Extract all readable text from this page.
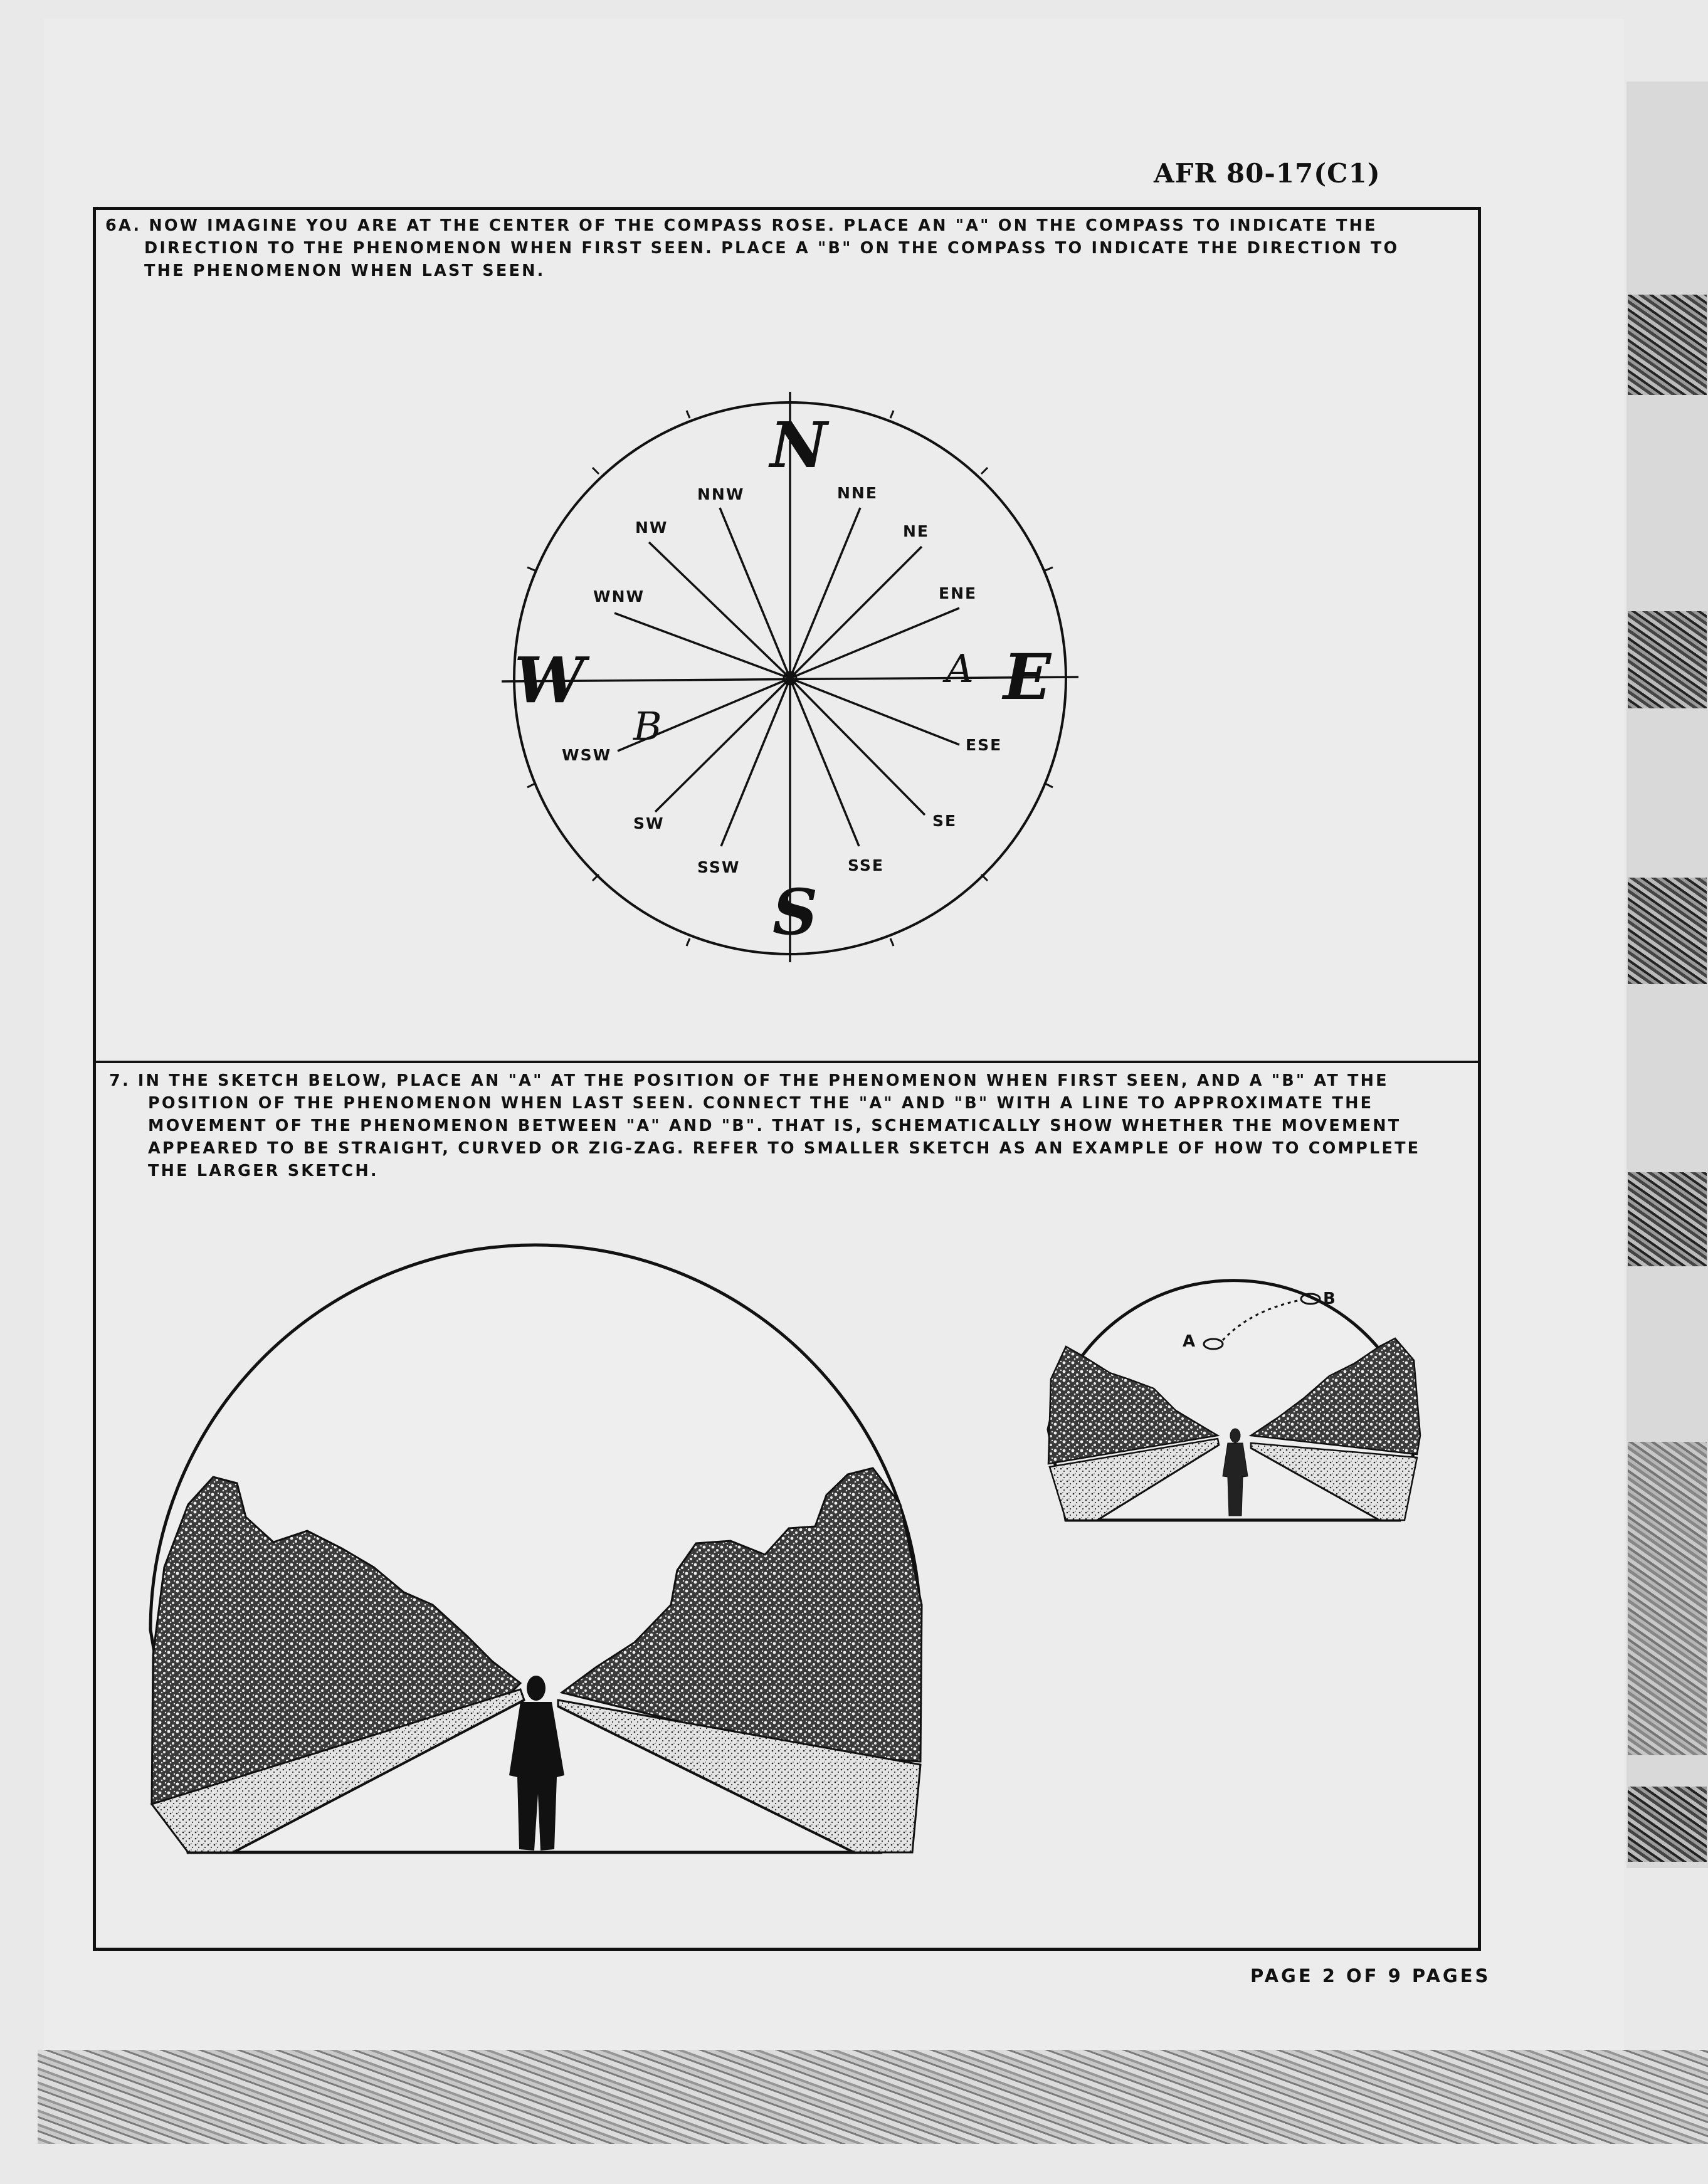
AFR 80-17(C1)
6A. NOW IMAGINE YOU ARE AT THE CENTER OF THE COMPASS ROSE. PLACE AN "A" ON THE COMPASS TO INDICATE THE
DIRECTION TO THE PHENOMENON WHEN FIRST SEEN. PLACE A "B" ON THE COMPASS TO INDICATE THE DIRECTION TO
THE PHENOMENON WHEN LAST SEEN.
N
E
S
W
NNW	NNE
NW	NE
WNW	ENE
WSW
ESE
SW	SE
SSW	SSE
A
B
7. IN THE SKETCH BELOW, PLACE AN "A" AT THE POSITION OF THE PHENOMENON WHEN FIRST SEEN, AND A "B" AT THE
POSITION OF THE PHENOMENON WHEN LAST SEEN. CONNECT THE "A" AND "B" WITH A LINE TO APPROXIMATE THE
MOVEMENT OF THE PHENOMENON BETWEEN "A" AND "B". THAT IS, SCHEMATICALLY SHOW WHETHER THE MOVEMENT
APPEARED TO BE STRAIGHT, CURVED OR ZIG-ZAG. REFER TO SMALLER SKETCH AS AN EXAMPLE OF HOW TO COMPLETE
THE LARGER SKETCH.
A
B
PAGE 2 OF 9 PAGES
